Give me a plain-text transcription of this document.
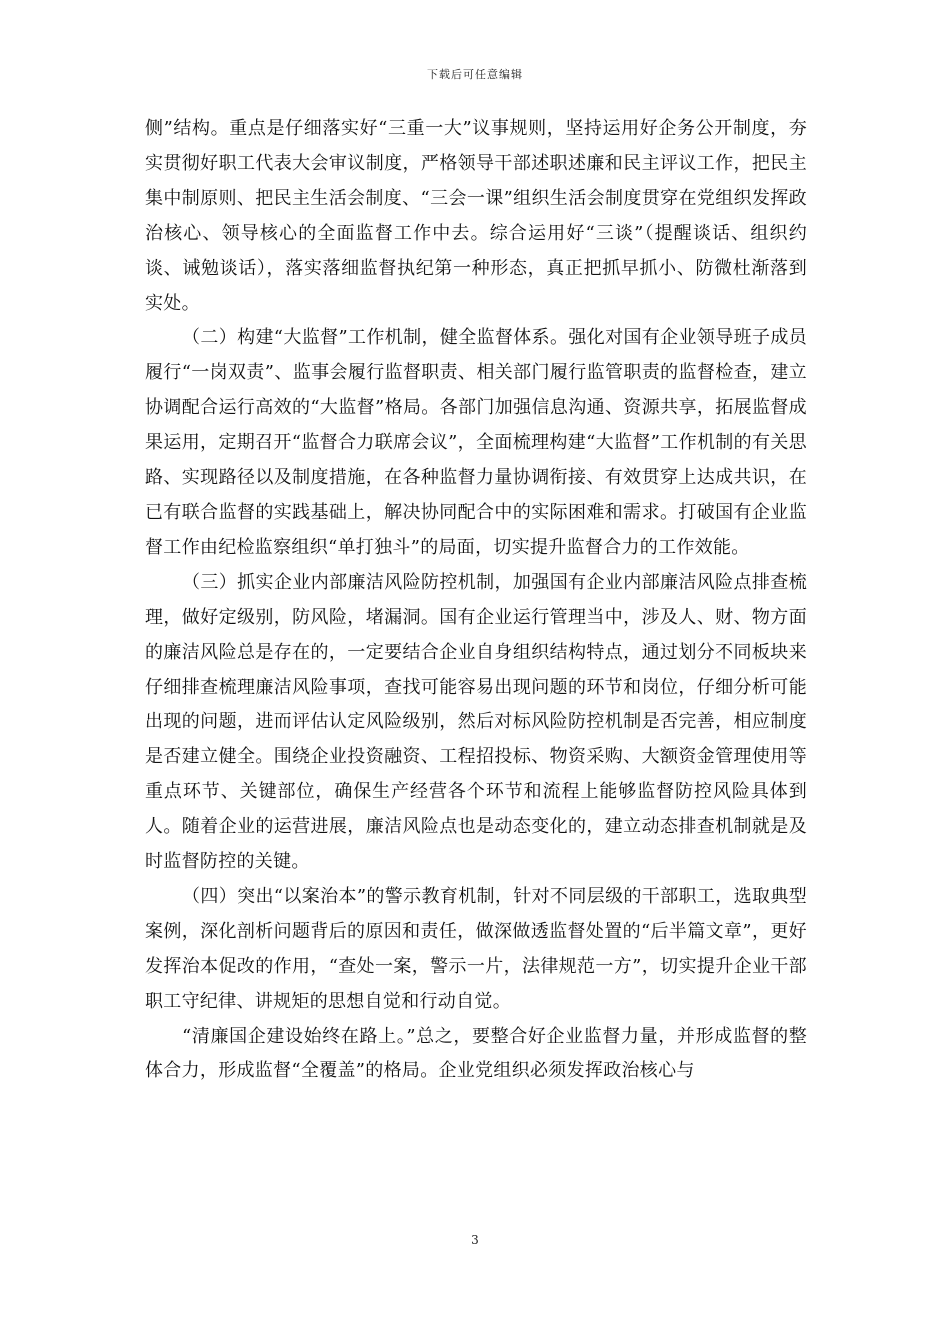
下载后可任意编辑

侧”结构。重点是仔细落实好“三重一大”议事规则，坚持运用好企务公开制度，夯实贯彻好职工代表大会审议制度，严格领导干部述职述廉和民主评议工作，把民主集中制原则、把民主生活会制度、“三会一课”组织生活会制度贯穿在党组织发挥政治核心、领导核心的全面监督工作中去。综合运用好“三谈”（提醒谈话、组织约谈、诫勉谈话），落实落细监督执纪第一种形态，真正把抓早抓小、防微杜渐落到实处。

（二）构建“大监督”工作机制，健全监督体系。强化对国有企业领导班子成员履行“一岗双责”、监事会履行监督职责、相关部门履行监管职责的监督检查，建立协调配合运行高效的“大监督”格局。各部门加强信息沟通、资源共享，拓展监督成果运用，定期召开“监督合力联席会议”，全面梳理构建“大监督”工作机制的有关思路、实现路径以及制度措施，在各种监督力量协调衔接、有效贯穿上达成共识，在已有联合监督的实践基础上，解决协同配合中的实际困难和需求。打破国有企业监督工作由纪检监察组织“单打独斗”的局面，切实提升监督合力的工作效能。

（三）抓实企业内部廉洁风险防控机制，加强国有企业内部廉洁风险点排查梳理，做好定级别，防风险，堵漏洞。国有企业运行管理当中，涉及人、财、物方面的廉洁风险总是存在的，一定要结合企业自身组织结构特点，通过划分不同板块来仔细排查梳理廉洁风险事项，查找可能容易出现问题的环节和岗位，仔细分析可能出现的问题，进而评估认定风险级别，然后对标风险防控机制是否完善，相应制度是否建立健全。围绕企业投资融资、工程招投标、物资采购、大额资金管理使用等重点环节、关键部位，确保生产经营各个环节和流程上能够监督防控风险具体到人。随着企业的运营进展，廉洁风险点也是动态变化的，建立动态排查机制就是及时监督防控的关键。

（四）突出“以案治本”的警示教育机制，针对不同层级的干部职工，选取典型案例，深化剖析问题背后的原因和责任，做深做透监督处置的“后半篇文章”，更好发挥治本促改的作用，“查处一案，警示一片，法律规范一方”，切实提升企业干部职工守纪律、讲规矩的思想自觉和行动自觉。

“清廉国企建设始终在路上。”总之，要整合好企业监督力量，并形成监督的整体合力，形成监督“全覆盖”的格局。企业党组织必须发挥政治核心与

3
